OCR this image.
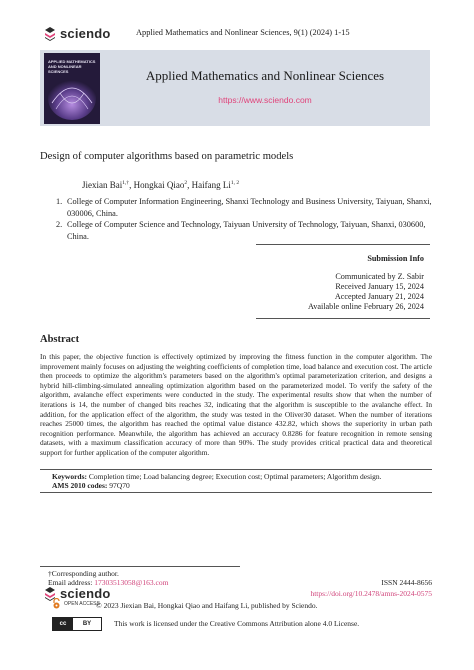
sciendo	Applied Mathematics and Nonlinear Sciences, 9(1) (2024) 1-15
APPLIED MATHEMATICS AND NONLINEAR SCIENCES	Applied Mathematics and Nonlinear Sciences
https://www.sciendo.com
Design of computer algorithms based on parametric models
Jiexian Bai$^{1,\dagger}$, Hongkai Qiao$^2$, Haifang Li$^{1, 2}$
1. College of Computer Information Engineering, Shanxi Technology and Business University, Taiyuan, Shanxi, 030006, China.
2. College of Computer Science and Technology, Taiyuan University of Technology, Taiyuan, Shanxi, 030600, China.
Submission Info
Communicated by Z. Sabir
Received January 15, 2024
Accepted January 21, 2024
Available online February 26, 2024
Abstract
In this paper, the objective function is effectively optimized by improving the fitness function in the computer algorithm. The improvement mainly focuses on adjusting the weighting coefficients of completion time, load balance and execution cost. The article then proceeds to optimize the algorithm's parameters based on the algorithm's optimal parameterization criterion, and designs a hybrid hill-climbing-simulated annealing optimization algorithm based on the parameterized model. To verify the safety of the algorithm, avalanche effect experiments were conducted in the study. The experimental results show that when the number of iterations is 14, the number of changed bits reaches 32, indicating that the algorithm is susceptible to the avalanche effect. In addition, for the application effect of the algorithm, the study was tested in the Oliver30 dataset. When the number of iterations reaches 25000 times, the algorithm has reached the optimal value distance 432.82, which shows the superiority in urban path recognition performance. Meanwhile, the algorithm has achieved an accuracy 0.8286 for feature recognition in remote sensing datasets, with a maximum classification accuracy of more than 90%. The study provides critical practical data and theoretical support for further application of the computer algorithm.
Keywords: Completion time; Load balancing degree; Execution cost; Optimal parameters; Algorithm design.
AMS 2010 codes: 97Q70
†Corresponding author.
Email address: 17303513058@163.com	ISSN 2444-8656
sciendo	https://doi.org/10.2478/amns-2024-0575
OPEN ACCESS
© 2023 Jiexian Bai, Hongkai Qiao and Haifang Li, published by Sciendo.
cc	BY	This work is licensed under the Creative Commons Attribution alone 4.0 License.
